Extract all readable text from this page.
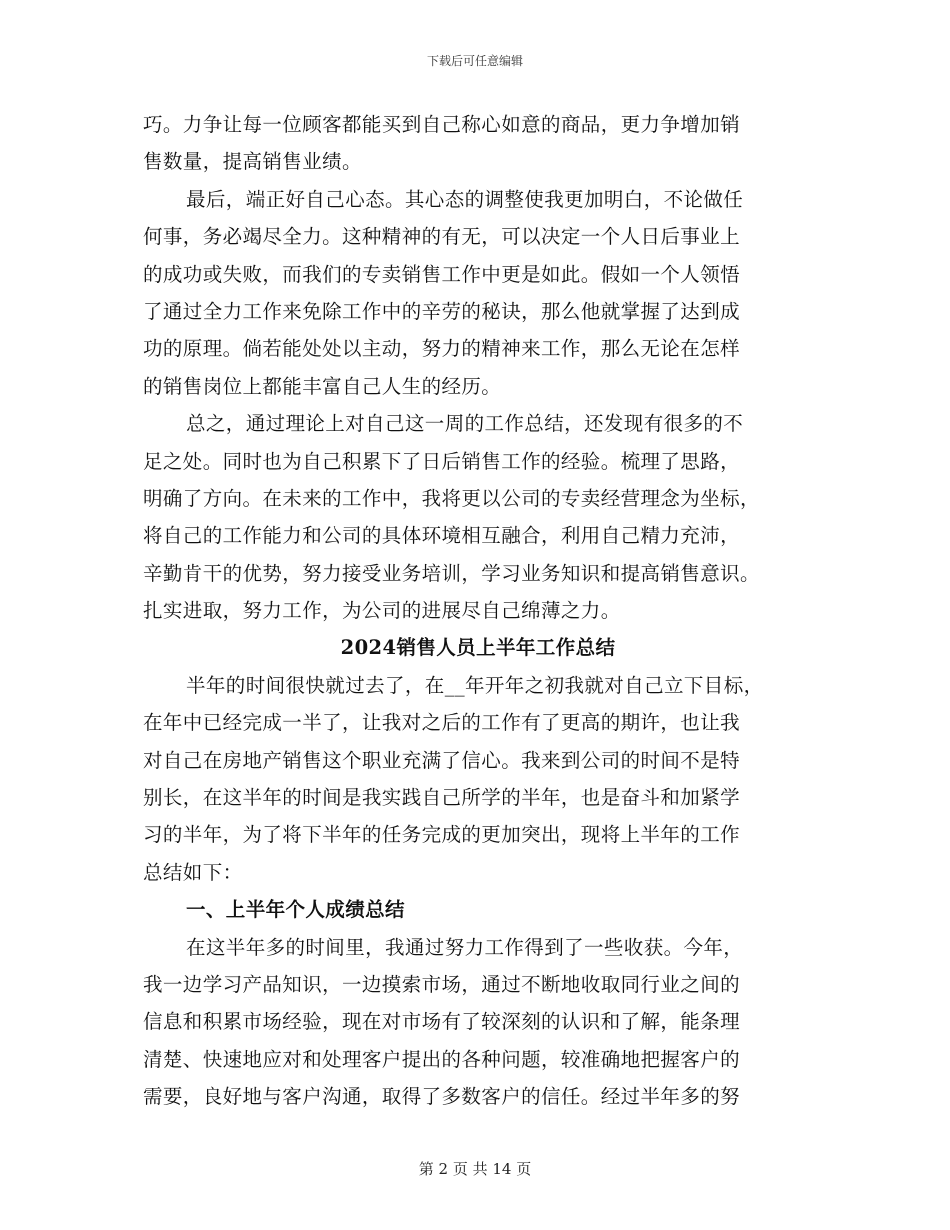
下载后可任意编辑
巧。力争让每一位顾客都能买到自己称心如意的商品，更力争增加销
售数量，提高销售业绩。
最后，端正好自己心态。其心态的调整使我更加明白，不论做任
何事，务必竭尽全力。这种精神的有无，可以决定一个人日后事业上
的成功或失败，而我们的专卖销售工作中更是如此。假如一个人领悟
了通过全力工作来免除工作中的辛劳的秘诀，那么他就掌握了达到成
功的原理。倘若能处处以主动，努力的精神来工作，那么无论在怎样
的销售岗位上都能丰富自己人生的经历。
总之，通过理论上对自己这一周的工作总结，还发现有很多的不
足之处。同时也为自己积累下了日后销售工作的经验。梳理了思路，
明确了方向。在未来的工作中，我将更以公司的专卖经营理念为坐标，
将自己的工作能力和公司的具体环境相互融合，利用自己精力充沛，
辛勤肯干的优势，努力接受业务培训，学习业务知识和提高销售意识。
扎实进取，努力工作，为公司的进展尽自己绵薄之力。
2024销售人员上半年工作总结
半年的时间很快就过去了，在__年开年之初我就对自己立下目标，
在年中已经完成一半了，让我对之后的工作有了更高的期许，也让我
对自己在房地产销售这个职业充满了信心。我来到公司的时间不是特
别长，在这半年的时间是我实践自己所学的半年，也是奋斗和加紧学
习的半年，为了将下半年的任务完成的更加突出，现将上半年的工作
总结如下：
一、上半年个人成绩总结
在这半年多的时间里，我通过努力工作得到了一些收获。今年，
我一边学习产品知识，一边摸索市场，通过不断地收取同行业之间的
信息和积累市场经验，现在对市场有了较深刻的认识和了解，能条理
清楚、快速地应对和处理客户提出的各种问题，较准确地把握客户的
需要，良好地与客户沟通，取得了多数客户的信任。经过半年多的努
第 2 页 共 14 页
